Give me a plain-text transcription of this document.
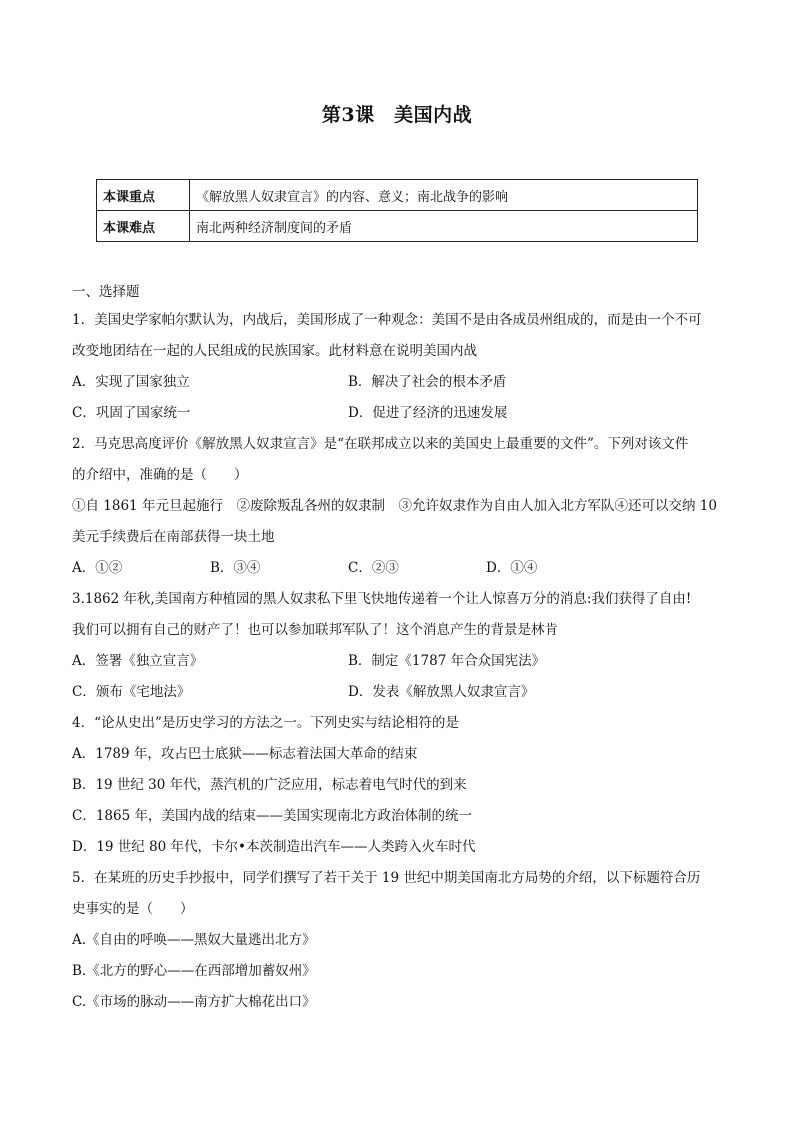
第3课　美国内战
本课重点	《解放黑人奴隶宣言》的内容、意义；南北战争的影响
本课难点	南北两种经济制度间的矛盾
一、选择题
1．美国史学家帕尔默认为，内战后，美国形成了一种观念：美国不是由各成员州组成的，而是由一个不可
改变地团结在一起的人民组成的民族国家。此材料意在说明美国内战
A．实现了国家独立	B．解决了社会的根本矛盾
C．巩固了国家统一	D．促进了经济的迅速发展
2．马克思高度评价《解放黑人奴隶宣言》是“在联邦成立以来的美国史上最重要的文件”。下列对该文件
的介绍中，准确的是（　　）
①自 1861 年元旦起施行　②废除叛乱各州的奴隶制　③允许奴隶作为自由人加入北方军队④还可以交纳 10
美元手续费后在南部获得一块土地
A．①②	B．③④	C．②③	D．①④
3.1862 年秋,美国南方种植园的黑人奴隶私下里飞快地传递着一个让人惊喜万分的消息:我们获得了自由!
我们可以拥有自己的财产了！也可以参加联邦军队了！这个消息产生的背景是林肯
A．签署《独立宣言》	B．制定《1787 年合众国宪法》
C．颁布《宅地法》	D．发表《解放黑人奴隶宣言》
4．“论从史出”是历史学习的方法之一。下列史实与结论相符的是
A．1789 年，攻占巴士底狱——标志着法国大革命的结束
B．19 世纪 30 年代，蒸汽机的广泛应用，标志着电气时代的到来
C．1865 年，美国内战的结束——美国实现南北方政治体制的统一
D．19 世纪 80 年代，卡尔•本茨制造出汽车——人类跨入火车时代
5．在某班的历史手抄报中，同学们撰写了若干关于 19 世纪中期美国南北方局势的介绍，以下标题符合历
史事实的是（　　）
A.《自由的呼唤——黑奴大量逃出北方》
B.《北方的野心——在西部增加蓄奴州》
C.《市场的脉动——南方扩大棉花出口》
